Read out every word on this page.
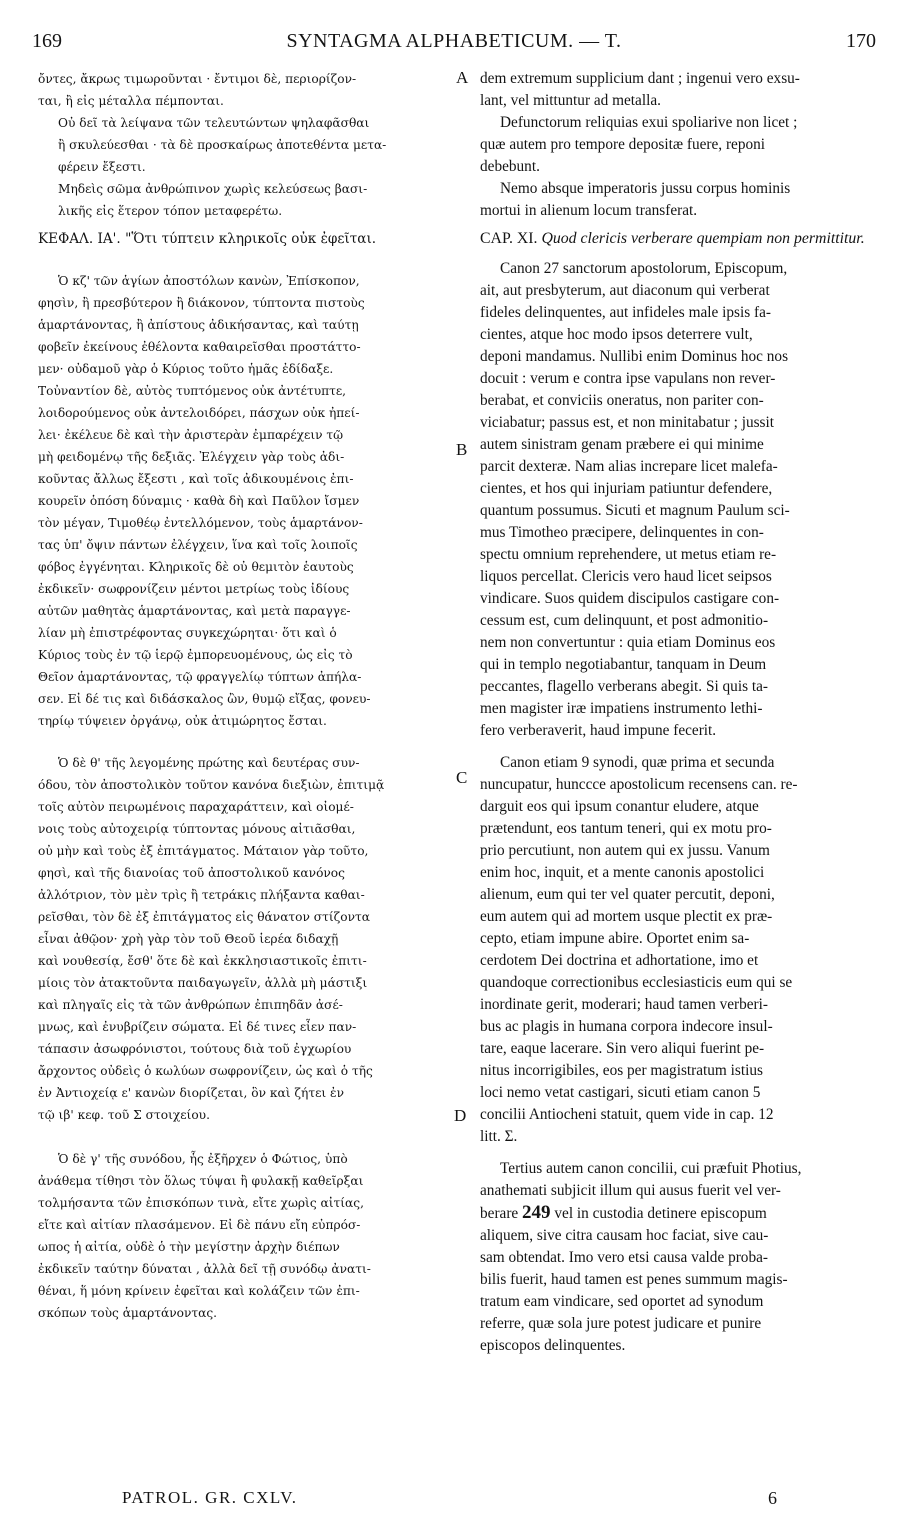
169	SYNTAGMA ALPHABETICUM. — T.	170

ὄντες, ἄκρως τιμωροῦνται · ἔντιμοι δὲ, περιορίζον-

ται, ἢ εἰς μέταλλα πέμπονται.

Οὐ δεῖ τὰ λείψανα τῶν τελευτώντων ψηλαφᾶσθαι

ἢ σκυλεύεσθαι · τὰ δὲ προσκαίρως ἀποτεθέντα μετα-

φέρειν ἔξεστι.

Μηδεὶς σῶμα ἀνθρώπινον χωρὶς κελεύσεως βασι-

λικῆς εἰς ἕτερον τόπον μεταφερέτω.

ΚΕΦΑΛ. ΙΑ'. "Ὅτι τύπτειν κληρικοῖς οὐκ ἐφεῖται.

Ὁ κζ' τῶν ἁγίων ἀποστόλων κανὼν, Ἐπίσκοπον,

φησὶν, ἢ πρεσβύτερον ἢ διάκονον, τύπτοντα πιστοὺς

ἁμαρτάνοντας, ἢ ἀπίστους ἀδικήσαντας, καὶ ταύτῃ

φοβεῖν ἐκείνους ἐθέλοντα καθαιρεῖσθαι προστάττο-

μεν· οὐδαμοῦ γὰρ ὁ Κύριος τοῦτο ἡμᾶς ἐδίδαξε.

Τοὐναντίον δὲ, αὐτὸς τυπτόμενος οὐκ ἀντέτυπτε,

λοιδορούμενος οὐκ ἀντελοιδόρει, πάσχων οὐκ ἠπεί-

λει· ἐκέλευε δὲ καὶ τὴν ἀριστερὰν ἐμπαρέχειν τῷ

μὴ φειδομένῳ τῆς δεξιᾶς. Ἐλέγχειν γὰρ τοὺς ἀδι-

κοῦντας ἄλλως ἔξεστι , καὶ τοῖς ἀδικουμένοις ἐπι-

κουρεῖν ὁπόση δύναμις · καθὰ δὴ καὶ Παῦλον ἴσμεν

τὸν μέγαν, Τιμοθέῳ ἐντελλόμενον, τοὺς ἁμαρτάνον-

τας ὑπ' ὄψιν πάντων ἐλέγχειν, ἵνα καὶ τοῖς λοιποῖς

φόβος ἐγγένηται. Κληρικοῖς δὲ οὐ θεμιτὸν ἑαυτοὺς

ἐκδικεῖν· σωφρονίζειν μέντοι μετρίως τοὺς ἰδίους

αὐτῶν μαθητὰς ἁμαρτάνοντας, καὶ μετὰ παραγγε-

λίαν μὴ ἐπιστρέφοντας συγκεχώρηται· ὅτι καὶ ὁ

Κύριος τοὺς ἐν τῷ ἱερῷ ἐμπορευομένους, ὡς εἰς τὸ

Θεῖον ἁμαρτάνοντας, τῷ φραγγελίῳ τύπτων ἀπήλα-

σεν. Εἰ δέ τις καὶ διδάσκαλος ὢν, θυμῷ εἴξας, φονευ-

τηρίῳ τύψειεν ὀργάνῳ, οὐκ ἀτιμώρητος ἔσται.

Ὁ δὲ θ' τῆς λεγομένης πρώτης καὶ δευτέρας συν-

όδου, τὸν ἀποστολικὸν τοῦτον κανόνα διεξιὼν, ἐπιτιμᾷ

τοῖς αὐτὸν πειρωμένοις παραχαράττειν, καὶ οἰομέ-

νοις τοὺς αὐτοχειρίᾳ τύπτοντας μόνους αἰτιᾶσθαι,

οὐ μὴν καὶ τοὺς ἐξ ἐπιτάγματος. Μάταιον γὰρ τοῦτο,

φησὶ, καὶ τῆς διανοίας τοῦ ἀποστολικοῦ κανόνος

ἀλλότριον, τὸν μὲν τρὶς ἢ τετράκις πλήξαντα καθαι-

ρεῖσθαι, τὸν δὲ ἐξ ἐπιτάγματος εἰς θάνατον στίζοντα

εἶναι ἀθῷον· χρὴ γὰρ τὸν τοῦ Θεοῦ ἱερέα διδαχῇ

καὶ νουθεσίᾳ, ἔσθ' ὅτε δὲ καὶ ἐκκλησιαστικοῖς ἐπιτι-

μίοις τὸν ἀτακτοῦντα παιδαγωγεῖν, ἀλλὰ μὴ μάστιξι

καὶ πληγαῖς εἰς τὰ τῶν ἀνθρώπων ἐπιπηδᾶν ἀσέ-

μνως, καὶ ἐνυβρίζειν σώματα. Εἰ δέ τινες εἶεν παν-

τάπασιν ἀσωφρόνιστοι, τούτους διὰ τοῦ ἐγχωρίου

ἄρχοντος οὐδεὶς ὁ κωλύων σωφρονίζειν, ὡς καὶ ὁ τῆς

ἐν Ἀντιοχείᾳ ε' κανὼν διορίζεται, ὃν καὶ ζήτει ἐν

τῷ ιβ' κεφ. τοῦ Σ στοιχείου.

Ὁ δὲ γ' τῆς συνόδου, ἧς ἐξῆρχεν ὁ Φώτιος, ὑπὸ

ἀνάθεμα τίθησι τὸν ὅλως τύψαι ἢ φυλακῇ καθεῖρξαι

τολμήσαντα τῶν ἐπισκόπων τινὰ, εἴτε χωρὶς αἰτίας,

εἴτε καὶ αἰτίαν πλασάμενον. Εἰ δὲ πάνυ εἴη εὐπρόσ-

ωπος ἡ αἰτία, οὐδὲ ὁ τὴν μεγίστην ἀρχὴν διέπων

ἐκδικεῖν ταύτην δύναται , ἀλλὰ δεῖ τῇ συνόδῳ ἀνατι-

θέναι, ἥ μόνη κρίνειν ἐφεῖται καὶ κολάζειν τῶν ἐπι-

σκόπων τοὺς ἁμαρτάνοντας.

dem extremum supplicium dant ; ingenui vero exsu-

lant, vel mittuntur ad metalla.

Defunctorum reliquias exui spoliarive non licet ;

quæ autem pro tempore depositæ fuere, reponi

debebunt.

Nemo absque imperatoris jussu corpus hominis

mortui in alienum locum transferat.

CAP. XI. Quod clericis verberare quempiam non permittitur.

Canon 27 sanctorum apostolorum, Episcopum,

ait, aut presbyterum, aut diaconum qui verberat

fideles delinquentes, aut infideles male ipsis fa-

cientes, atque hoc modo ipsos deterrere vult,

deponi mandamus. Nullibi enim Dominus hoc nos

docuit : verum e contra ipse vapulans non rever-

berabat, et conviciis oneratus, non pariter con-

viciabatur; passus est, et non minitabatur ; jussit

autem sinistram genam præbere ei qui minime

parcit dexteræ. Nam alias increpare licet malefa-

cientes, et hos qui injuriam patiuntur defendere,

quantum possumus. Sicuti et magnum Paulum sci-

mus Timotheo præcipere, delinquentes in con-

spectu omnium reprehendere, ut metus etiam re-

liquos percellat. Clericis vero haud licet seipsos

vindicare. Suos quidem discipulos castigare con-

cessum est, cum delinquunt, et post admonitio-

nem non convertuntur : quia etiam Dominus eos

qui in templo negotiabantur, tanquam in Deum

peccantes, flagello verberans abegit. Si quis ta-

men magister iræ impatiens instrumento lethi-

fero verberaverit, haud impune fecerit.

Canon etiam 9 synodi, quæ prima et secunda

nuncupatur, hunccce apostolicum recensens can. re-

darguit eos qui ipsum conantur eludere, atque

prætendunt, eos tantum teneri, qui ex motu pro-

prio percutiunt, non autem qui ex jussu. Vanum

enim hoc, inquit, et a mente canonis apostolici

alienum, eum qui ter vel quater percutit, deponi,

eum autem qui ad mortem usque plectit ex præ-

cepto, etiam impune abire. Oportet enim sa-

cerdotem Dei doctrina et adhortatione, imo et

quandoque correctionibus ecclesiasticis eum qui se

inordinate gerit, moderari; haud tamen verberi-

bus ac plagis in humana corpora indecore insul-

tare, eaque lacerare. Sin vero aliqui fuerint pe-

nitus incorrigibiles, eos per magistratum istius

loci nemo vetat castigari, sicuti etiam canon 5

concilii Antiocheni statuit, quem vide in cap. 12

litt. Σ.

Tertius autem canon concilii, cui præfuit Photius,

anathemati subjicit illum qui ausus fuerit vel ver-

berare 249 vel in custodia detinere episcopum

aliquem, sive citra causam hoc faciat, sive cau-

sam obtendat. Imo vero etsi causa valde proba-

bilis fuerit, haud tamen est penes summum magis-

tratum eam vindicare, sed oportet ad synodum

referre, quæ sola jure potest judicare et punire

episcopos delinquentes.

A
B
C
D
PATROL. GR. CXLV.	6
